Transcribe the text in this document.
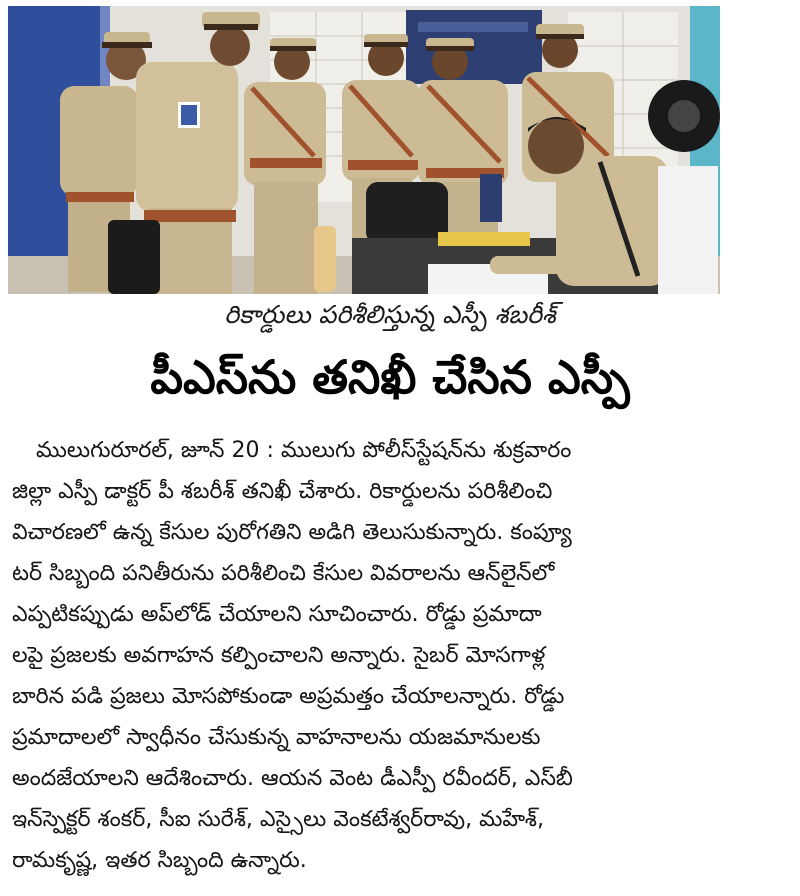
రికార్డులు పరిశీలిస్తున్న ఎస్పీ శబరీశ్
పీఎస్‌ను తనిఖీ చేసిన ఎస్పీ
ములుగురూరల్, జూన్ 20 : ములుగు పోలీస్‌స్టేషన్‌ను శుక్రవారం
జిల్లా ఎస్పీ డాక్టర్ పీ శబరీశ్ తనిఖీ చేశారు. రికార్డులను పరిశీలించి
విచారణలో ఉన్న కేసుల పురోగతిని అడిగి తెలుసుకున్నారు. కంప్యూ
టర్ సిబ్బంది పనితీరును పరిశీలించి కేసుల వివరాలను ఆన్‌లైన్‌లో
ఎప్పటికప్పుడు అప్‌లోడ్ చేయాలని సూచించారు. రోడ్డు ప్రమాదా
లపై ప్రజలకు అవగాహన కల్పించాలని అన్నారు. సైబర్ మోసగాళ్ల
బారిన పడి ప్రజలు మోసపోకుండా అప్రమత్తం చేయాలన్నారు. రోడ్డు
ప్రమాదాలలో స్వాధీనం చేసుకున్న వాహనాలను యజమానులకు
అందజేయాలని ఆదేశించారు. ఆయన వెంట డీఎస్పీ రవీందర్, ఎస్‌బీ
ఇన్‌స్పెక్టర్ శంకర్, సీఐ సురేశ్, ఎస్సైలు వెంకటేశ్వర్‌రావు, మహేశ్,
రామకృష్ణ, ఇతర సిబ్బంది ఉన్నారు.
